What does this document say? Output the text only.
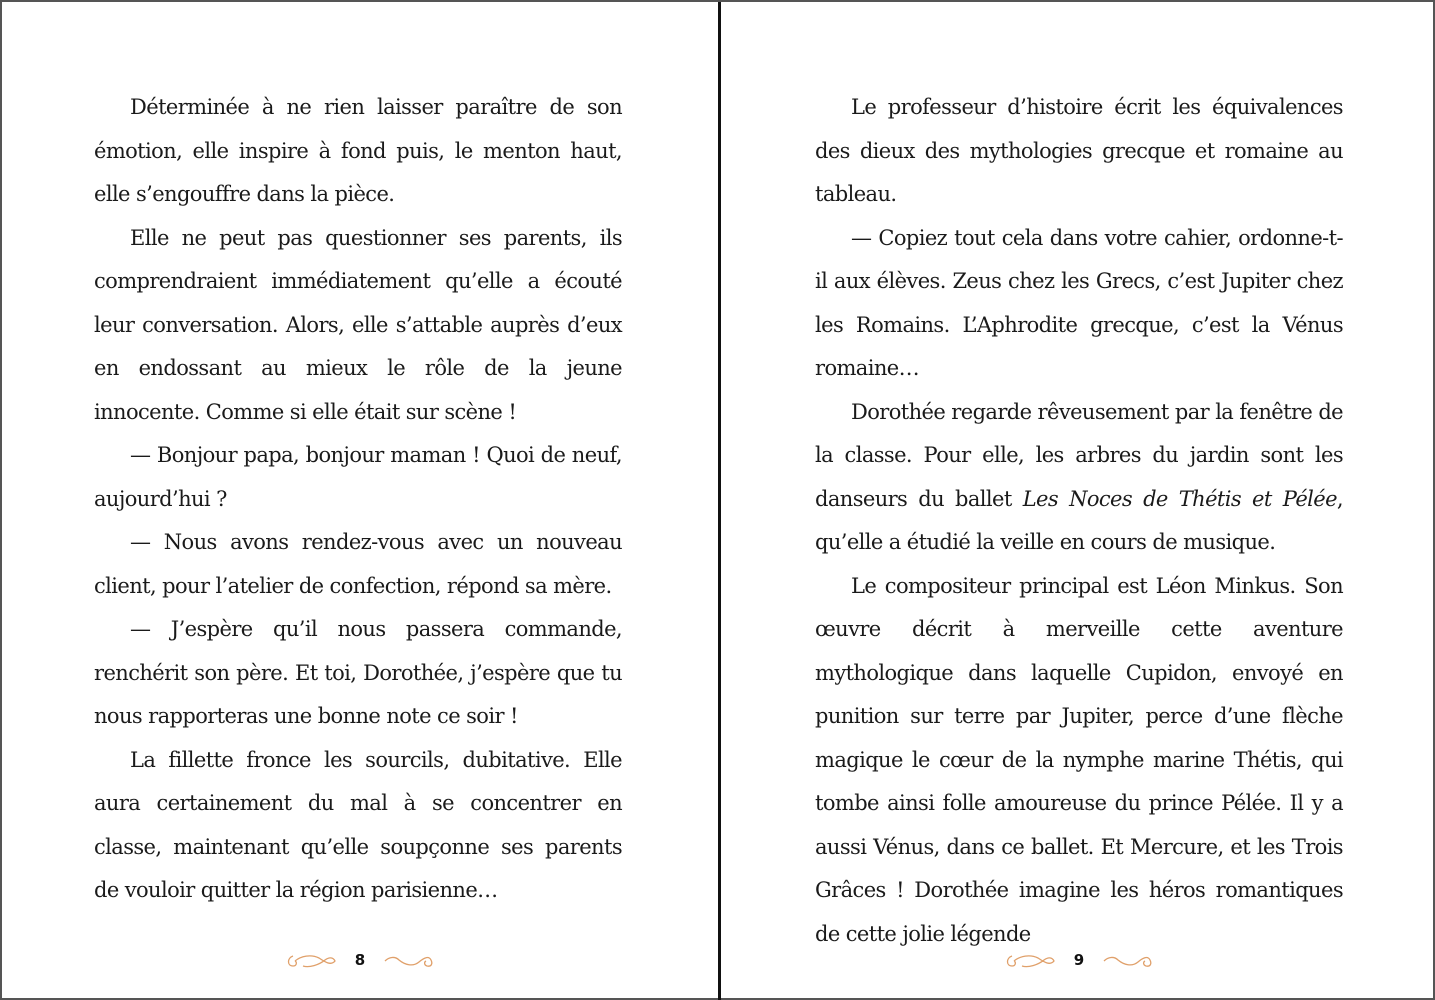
Déterminée à ne rien laisser paraître de son émotion, elle inspire à fond puis, le menton haut, elle s’engouffre dans la pièce.

Elle ne peut pas questionner ses parents, ils comprendraient immédiatement qu’elle a écouté leur conversation. Alors, elle s’attable auprès d’eux en endossant au mieux le rôle de la jeune innocente. Comme si elle était sur scène !

— Bonjour papa, bonjour maman ! Quoi de neuf, aujourd’hui ?

— Nous avons rendez-vous avec un nouveau client, pour l’atelier de confection, répond sa mère.

— J’espère qu’il nous passera commande, renchérit son père. Et toi, Dorothée, j’espère que tu nous rapporteras une bonne note ce soir !

La fillette fronce les sourcils, dubitative. Elle aura certainement du mal à se concentrer en classe, maintenant qu’elle soupçonne ses parents de vouloir quitter la région parisienne…

8

Le professeur d’histoire écrit les équivalences des dieux des mythologies grecque et romaine au tableau.

— Copiez tout cela dans votre cahier, ordonne-t-il aux élèves. Zeus chez les Grecs, c’est Jupiter chez les Romains. L’Aphrodite grecque, c’est la Vénus romaine…

Dorothée regarde rêveusement par la fenêtre de la classe. Pour elle, les arbres du jardin sont les danseurs du ballet Les Noces de Thétis et Pélée, qu’elle a étudié la veille en cours de musique.

Le compositeur principal est Léon Minkus. Son œuvre décrit à merveille cette aventure mythologique dans laquelle Cupidon, envoyé en punition sur terre par Jupiter, perce d’une flèche magique le cœur de la nymphe marine Thétis, qui tombe ainsi folle amoureuse du prince Pélée. Il y a aussi Vénus, dans ce ballet. Et Mercure, et les Trois Grâces ! Dorothée imagine les héros romantiques de cette jolie légende

9
